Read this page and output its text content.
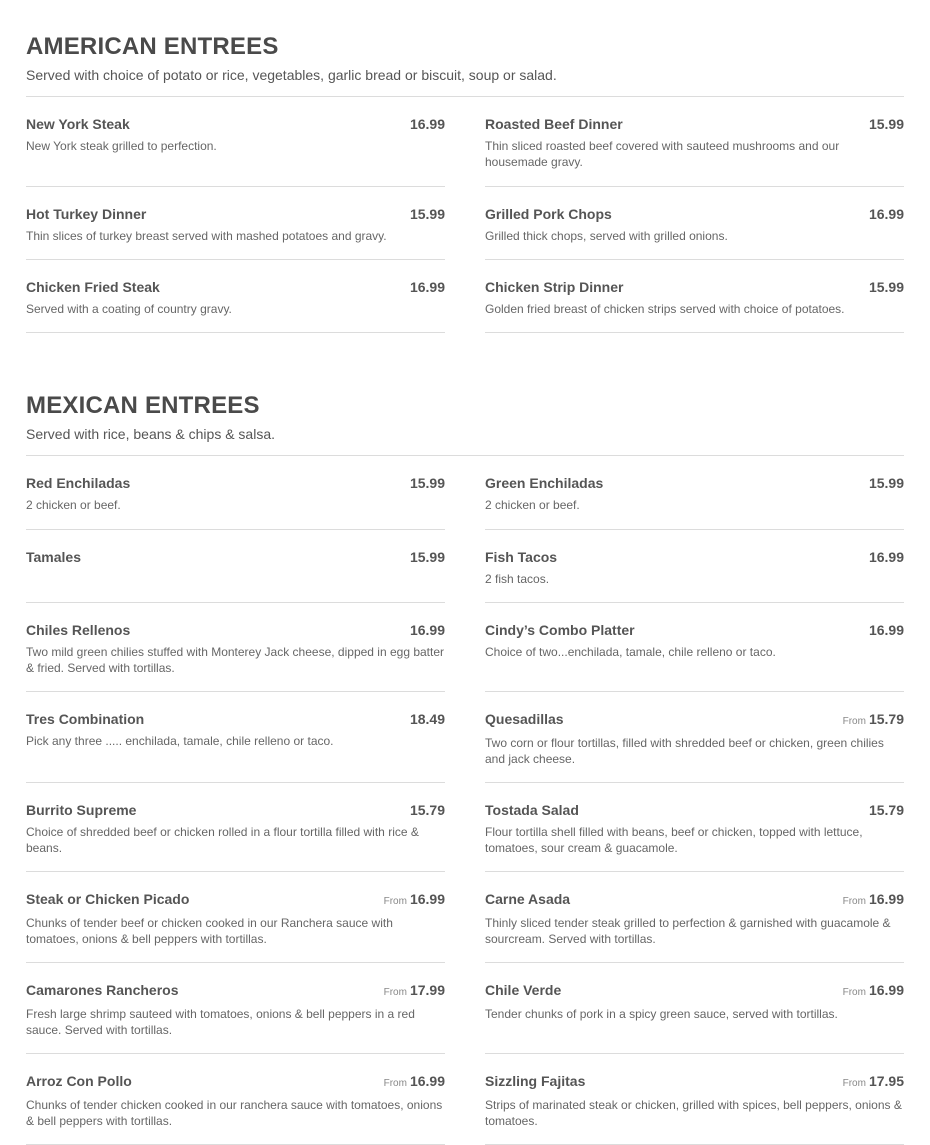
AMERICAN ENTREES
Served with choice of potato or rice, vegetables, garlic bread or biscuit, soup or salad.
New York Steak	16.99
New York steak grilled to perfection.
Roasted Beef Dinner	15.99
Thin sliced roasted beef covered with sauteed mushrooms and our housemade gravy.
Hot Turkey Dinner	15.99
Thin slices of turkey breast served with mashed potatoes and gravy.
Grilled Pork Chops	16.99
Grilled thick chops, served with grilled onions.
Chicken Fried Steak	16.99
Served with a coating of country gravy.
Chicken Strip Dinner	15.99
Golden fried breast of chicken strips served with choice of potatoes.
MEXICAN ENTREES
Served with rice, beans & chips & salsa.
Red Enchiladas	15.99
2 chicken or beef.
Green Enchiladas	15.99
2 chicken or beef.
Tamales	15.99	Fish Tacos	16.99
2 fish tacos.
Chiles Rellenos	16.99
Two mild green chilies stuffed with Monterey Jack cheese, dipped in egg batter & fried. Served with tortillas.
Cindy’s Combo Platter	16.99
Choice of two...enchilada, tamale, chile relleno or taco.
Tres Combination	18.49
Pick any three ..... enchilada, tamale, chile relleno or taco.
Quesadillas	From 15.79
Two corn or flour tortillas, filled with shredded beef or chicken, green chilies and jack cheese.
Burrito Supreme	15.79
Choice of shredded beef or chicken rolled in a flour tortilla filled with rice & beans.
Tostada Salad	15.79
Flour tortilla shell filled with beans, beef or chicken, topped with lettuce, tomatoes, sour cream & guacamole.
Steak or Chicken Picado	From 16.99
Chunks of tender beef or chicken cooked in our Ranchera sauce with tomatoes, onions & bell peppers with tortillas.
Carne Asada	From 16.99
Thinly sliced tender steak grilled to perfection & garnished with guacamole & sourcream. Served with tortillas.
Camarones Rancheros	From 17.99
Fresh large shrimp sauteed with tomatoes, onions & bell peppers in a red sauce. Served with tortillas.
Chile Verde	From 16.99
Tender chunks of pork in a spicy green sauce, served with tortillas.
Arroz Con Pollo	From 16.99
Chunks of tender chicken cooked in our ranchera sauce with tomatoes, onions & bell peppers with tortillas.
Sizzling Fajitas	From 17.95
Strips of marinated steak or chicken, grilled with spices, bell peppers, onions & tomatoes.
